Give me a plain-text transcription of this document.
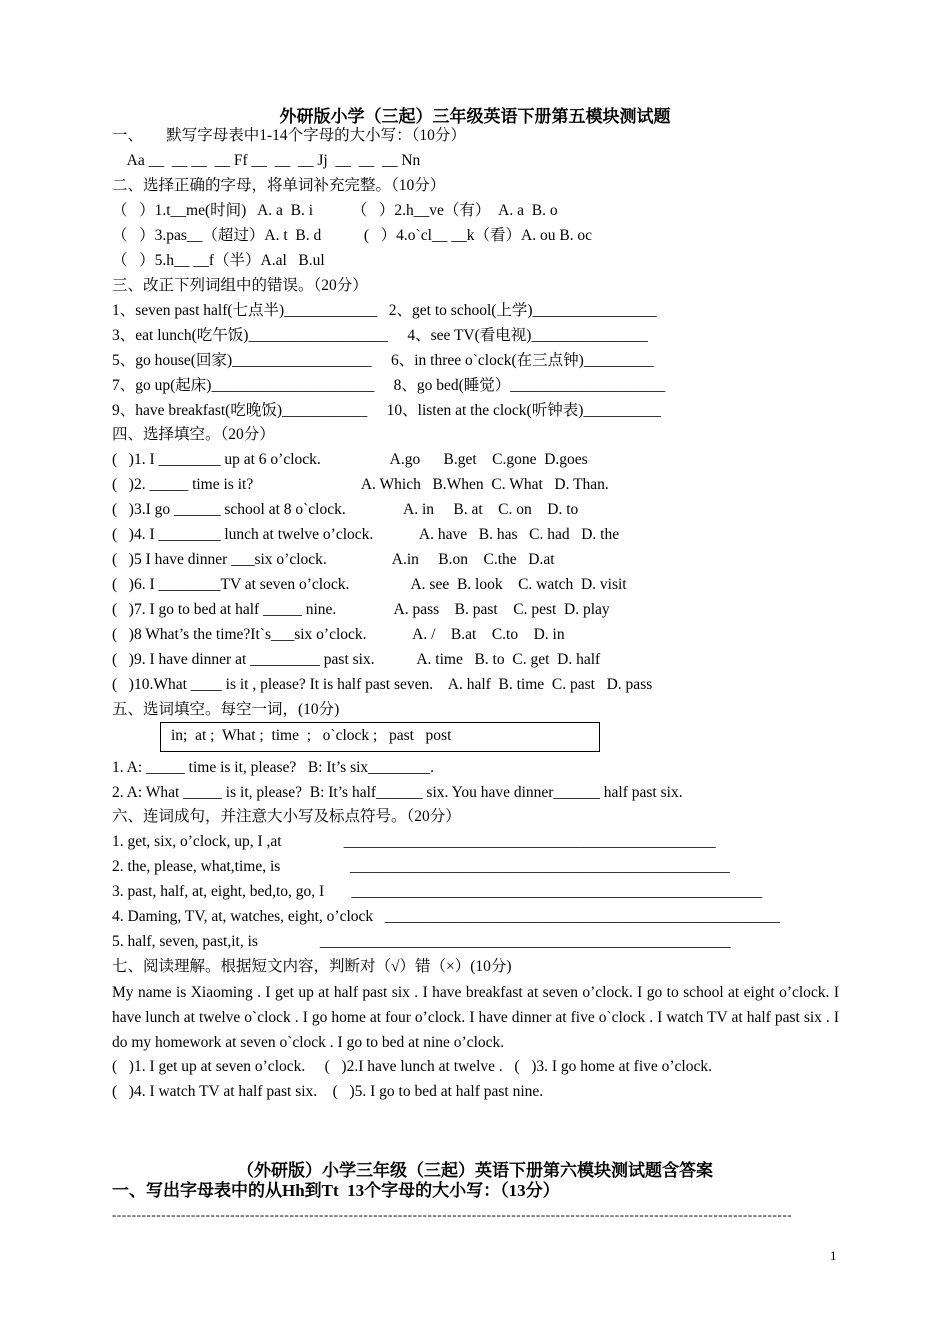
外研版小学（三起）三年级英语下册第五模块测试题
一、      默写字母表中1-14个字母的大小写：（10分）
Aa __  __ __  __ Ff __  __  __ Jj  __  __  __ Nn
二、选择正确的字母，将单词补充完整。（10分）
（   ）1.t__me(时间)   A. a  B. i          （   ）2.h__ve（有）  A. a  B. o
（   ）3.pas__（超过）A. t  B. d           (   ）4.o`cl__ __k（看）A. ou B. oc
（   ）5.h__ __f（半）A.al   B.ul
三、改正下列词组中的错误。（20分）
1、seven past half(七点半)____________   2、get to school(上学)________________
3、eat lunch(吃午饭)__________________     4、see TV(看电视)_______________
5、go house(回家)__________________     6、in three o`clock(在三点钟)_________
7、go up(起床)_____________________     8、go bed(睡觉）____________________
9、have breakfast(吃晚饭)___________     10、listen at the clock(听钟表)__________
四、选择填空。（20分）
(   )1. I ________ up at 6 o’clock.                  A.go      B.get    C.gone  D.goes
(   )2. _____ time is it?                            A. Which   B.When  C. What   D. Than.
(   )3.I go ______ school at 8 o`clock.               A. in     B. at    C. on    D. to
(   )4. I ________ lunch at twelve o’clock.            A. have   B. has   C. had   D. the
(   )5 I have dinner ___six o’clock.                 A.in     B.on    C.the   D.at
(   )6. I ________TV at seven o’clock.                A. see  B. look    C. watch  D. visit
(   )7. I go to bed at half _____ nine.               A. pass    B. past    C. pest  D. play
(   )8 What’s the time?It`s___six o’clock.            A. /    B.at    C.to    D. in
(   )9. I have dinner at _________ past six.           A. time   B. to  C. get  D. half
(   )10.What ____ is it , please? It is half past seven.    A. half  B. time  C. past   D. pass
五、选词填空。每空一词，(10分)
in;  at ;  What ;  time  ;   o`clock ;   past   post
1. A: _____ time is it, please?   B: It’s six________.
2. A: What _____ is it, please?  B: It’s half______ six. You have dinner______ half past six.
六、连词成句，并注意大小写及标点符号。（20分）
1. get, six, o’clock, up, I ,at                ________________________________________________
2. the, please, what,time, is                  _________________________________________________
3. past, half, at, eight, bed,to, go, I       _____________________________________________________
4. Daming, TV, at, watches, eight, o’clock   ___________________________________________________
5. half, seven, past,it, is                _____________________________________________________
七、阅读理解。根据短文内容，判断对（√）错（×）(10分)
My name is Xiaoming . I get up at half past six . I have breakfast at seven o’clock. I go to school at eight o’clock. I have lunch at twelve o`clock . I go home at four o’clock. I have dinner at five o`clock . I watch TV at half past six . I do my homework at seven o`clock . I go to bed at nine o’clock.
(   )1. I get up at seven o’clock.     (   )2.I have lunch at twelve .   (   )3. I go home at five o’clock.
(   )4. I watch TV at half past six.    (   )5. I go to bed at half past nine.
（外研版）小学三年级（三起）英语下册第六模块测试题含答案
一、写出字母表中的从Hh到Tt  13个字母的大小写：（13分）
------------------------------------------------------------------------------------------------------------------------------------------
1
